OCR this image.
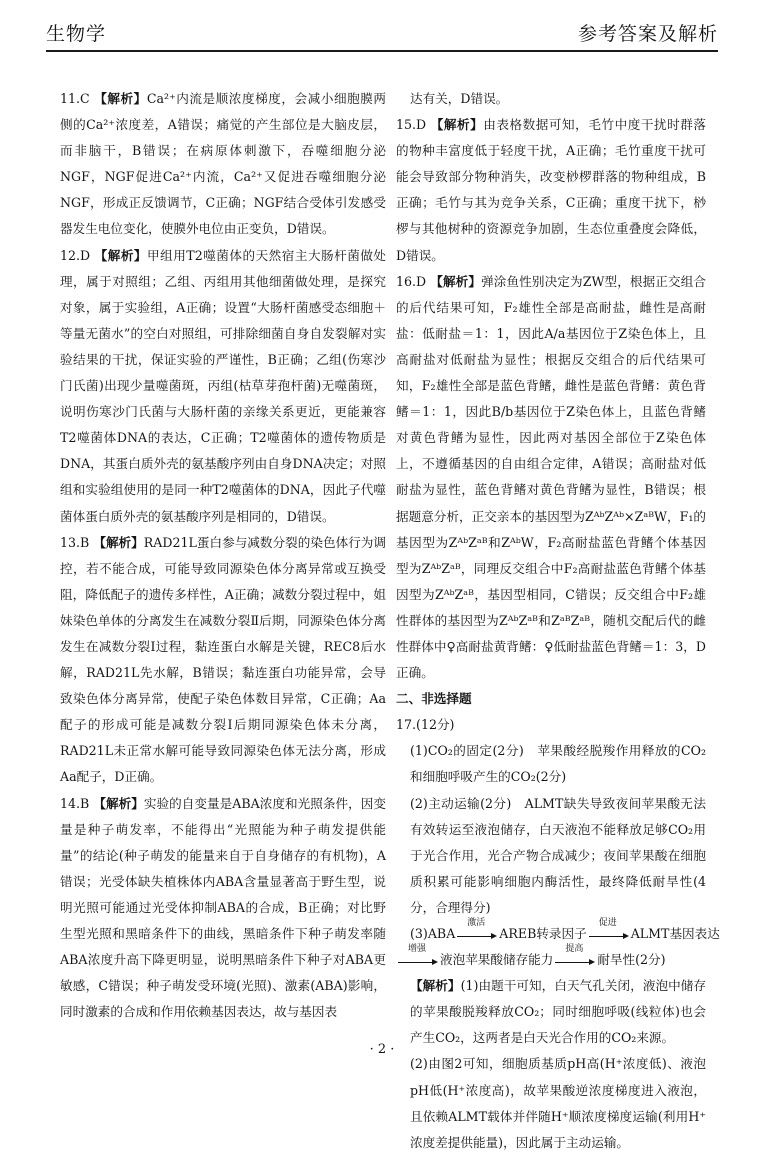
生物学	参考答案及解析

11.C 【解析】Ca²⁺内流是顺浓度梯度，会减小细胞膜两侧的Ca²⁺浓度差，A错误；痛觉的产生部位是大脑皮层，而非脑干，B错误；在病原体刺激下，吞噬细胞分泌NGF，NGF促进Ca²⁺内流，Ca²⁺又促进吞噬细胞分泌NGF，形成正反馈调节，C正确；NGF结合受体引发感受器发生电位变化，使膜外电位由正变负，D错误。

12.D 【解析】甲组用T2噬菌体的天然宿主大肠杆菌做处理，属于对照组；乙组、丙组用其他细菌做处理，是探究对象，属于实验组，A正确；设置“大肠杆菌感受态细胞＋等量无菌水”的空白对照组，可排除细菌自身自发裂解对实验结果的干扰，保证实验的严谨性，B正确；乙组(伤寒沙门氏菌)出现少量噬菌斑，丙组(枯草芽孢杆菌)无噬菌斑，说明伤寒沙门氏菌与大肠杆菌的亲缘关系更近，更能兼容T2噬菌体DNA的表达，C正确；T2噬菌体的遗传物质是DNA，其蛋白质外壳的氨基酸序列由自身DNA决定；对照组和实验组使用的是同一种T2噬菌体的DNA，因此子代噬菌体蛋白质外壳的氨基酸序列是相同的，D错误。

13.B 【解析】RAD21L蛋白参与减数分裂的染色体行为调控，若不能合成，可能导致同源染色体分离异常或互换受阻，降低配子的遗传多样性，A正确；减数分裂过程中，姐妹染色单体的分离发生在减数分裂Ⅱ后期，同源染色体分离发生在减数分裂Ⅰ过程，黏连蛋白水解是关键，REC8后水解，RAD21L先水解，B错误；黏连蛋白功能异常，会导致染色体分离异常，使配子染色体数目异常，C正确；Aa配子的形成可能是减数分裂Ⅰ后期同源染色体未分离，RAD21L未正常水解可能导致同源染色体无法分离，形成Aa配子，D正确。

14.B 【解析】实验的自变量是ABA浓度和光照条件，因变量是种子萌发率，不能得出“光照能为种子萌发提供能量”的结论(种子萌发的能量来自于自身储存的有机物)，A错误；光受体缺失植株体内ABA含量显著高于野生型，说明光照可能通过光受体抑制ABA的合成，B正确；对比野生型光照和黑暗条件下的曲线，黑暗条件下种子萌发率随ABA浓度升高下降更明显，说明黑暗条件下种子对ABA更敏感，C错误；种子萌发受环境(光照)、激素(ABA)影响，同时激素的合成和作用依赖基因表达，故与基因表

达有关，D错误。

15.D 【解析】由表格数据可知，毛竹中度干扰时群落的物种丰富度低于轻度干扰，A正确；毛竹重度干扰可能会导致部分物种消失，改变桫椤群落的物种组成，B正确；毛竹与其为竞争关系，C正确；重度干扰下，桫椤与其他树种的资源竞争加剧，生态位重叠度会降低，D错误。

16.D 【解析】弹涂鱼性别决定为ZW型，根据正交组合的后代结果可知，F₂雄性全部是高耐盐，雌性是高耐盐：低耐盐＝1：1，因此A/a基因位于Z染色体上，且高耐盐对低耐盐为显性；根据反交组合的后代结果可知，F₂雄性全部是蓝色背鳍，雌性是蓝色背鳍：黄色背鳍＝1：1，因此B/b基因位于Z染色体上，且蓝色背鳍对黄色背鳍为显性，因此两对基因全部位于Z染色体上，不遵循基因的自由组合定律，A错误；高耐盐对低耐盐为显性，蓝色背鳍对黄色背鳍为显性，B错误；根据题意分析，正交亲本的基因型为ZᴬᵇZᴬᵇ×ZᵃᴮW，F₁的基因型为ZᴬᵇZᵃᴮ和ZᴬᵇW，F₂高耐盐蓝色背鳍个体基因型为ZᴬᵇZᵃᴮ，同理反交组合中F₂高耐盐蓝色背鳍个体基因型为ZᴬᵇZᵃᴮ，基因型相同，C错误；反交组合中F₂雄性群体的基因型为ZᴬᵇZᵃᴮ和ZᵃᴮZᵃᴮ，随机交配后代的雌性群体中♀高耐盐黄背鳍：♀低耐盐蓝色背鳍＝1：3，D正确。

二、非选择题

17.(12分)

(1)CO₂的固定(2分)　苹果酸经脱羧作用释放的CO₂和细胞呼吸产生的CO₂(2分)

(2)主动运输(2分)　ALMT缺失导致夜间苹果酸无法有效转运至液泡储存，白天液泡不能释放足够CO₂用于光合作用，光合产物合成减少；夜间苹果酸在细胞质积累可能影响细胞内酶活性，最终降低耐旱性(4分，合理得分)

(3)ABA
激活
AREB转录因子
促进
ALMT基因表达
增强
液泡苹果酸储存能力
提高
耐旱性(2分)

【解析】(1)由题干可知，白天气孔关闭，液泡中储存的苹果酸脱羧释放CO₂；同时细胞呼吸(线粒体)也会产生CO₂，这两者是白天光合作用的CO₂来源。

(2)由图2可知，细胞质基质pH高(H⁺浓度低)、液泡pH低(H⁺浓度高)，故苹果酸逆浓度梯度进入液泡，且依赖ALMT载体并伴随H⁺顺浓度梯度运输(利用H⁺浓度差提供能量)，因此属于主动运输。

· 2 ·
